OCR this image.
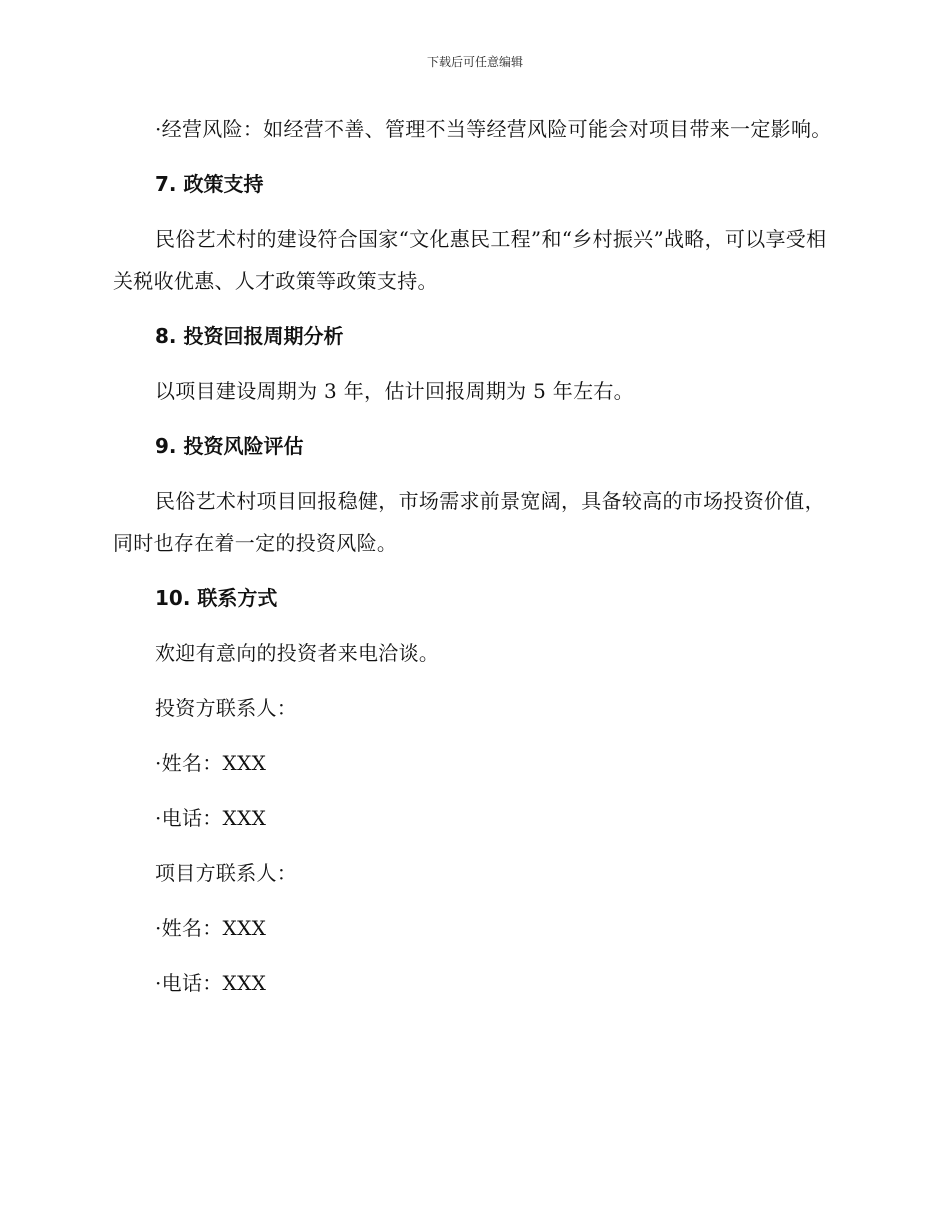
下载后可任意编辑

·经营风险：如经营不善、管理不当等经营风险可能会对项目带来一定影响。

7. 政策支持

民俗艺术村的建设符合国家“文化惠民工程”和“乡村振兴”战略，可以享受相关税收优惠、人才政策等政策支持。

8. 投资回报周期分析

以项目建设周期为 3 年，估计回报周期为 5 年左右。

9. 投资风险评估

民俗艺术村项目回报稳健，市场需求前景宽阔，具备较高的市场投资价值，同时也存在着一定的投资风险。

10. 联系方式

欢迎有意向的投资者来电洽谈。

投资方联系人：

·姓名：XXX

·电话：XXX

项目方联系人：

·姓名：XXX

·电话：XXX
